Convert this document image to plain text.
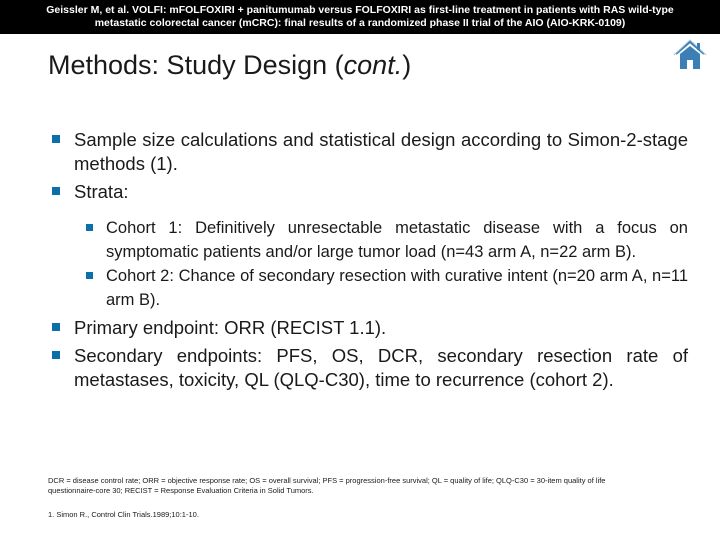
Geissler M, et al. VOLFI: mFOLFOXIRI + panitumumab versus FOLFOXIRI as first-line treatment in patients with RAS wild-type
metastatic colorectal cancer (mCRC): final results of a randomized phase II trial of the AIO (AIO-KRK-0109)
Methods: Study Design (cont.)
Sample size calculations and statistical design according to Simon-2-stage methods (1).
Strata:
Cohort 1: Definitively unresectable metastatic disease with a focus on symptomatic patients and/or large tumor load (n=43 arm A, n=22 arm B).
Cohort 2: Chance of secondary resection with curative intent (n=20 arm A, n=11 arm B).
Primary endpoint: ORR (RECIST 1.1).
Secondary endpoints: PFS, OS, DCR, secondary resection rate of metastases, toxicity, QL (QLQ-C30), time to recurrence (cohort 2).
DCR = disease control rate; ORR = objective response rate; OS = overall survival; PFS = progression-free survival; QL = quality of life; QLQ-C30 = 30-item quality of life questionnaire-core 30; RECIST = Response Evaluation Criteria in Solid Tumors.
1. Simon R., Control Clin Trials.1989;10:1-10.
